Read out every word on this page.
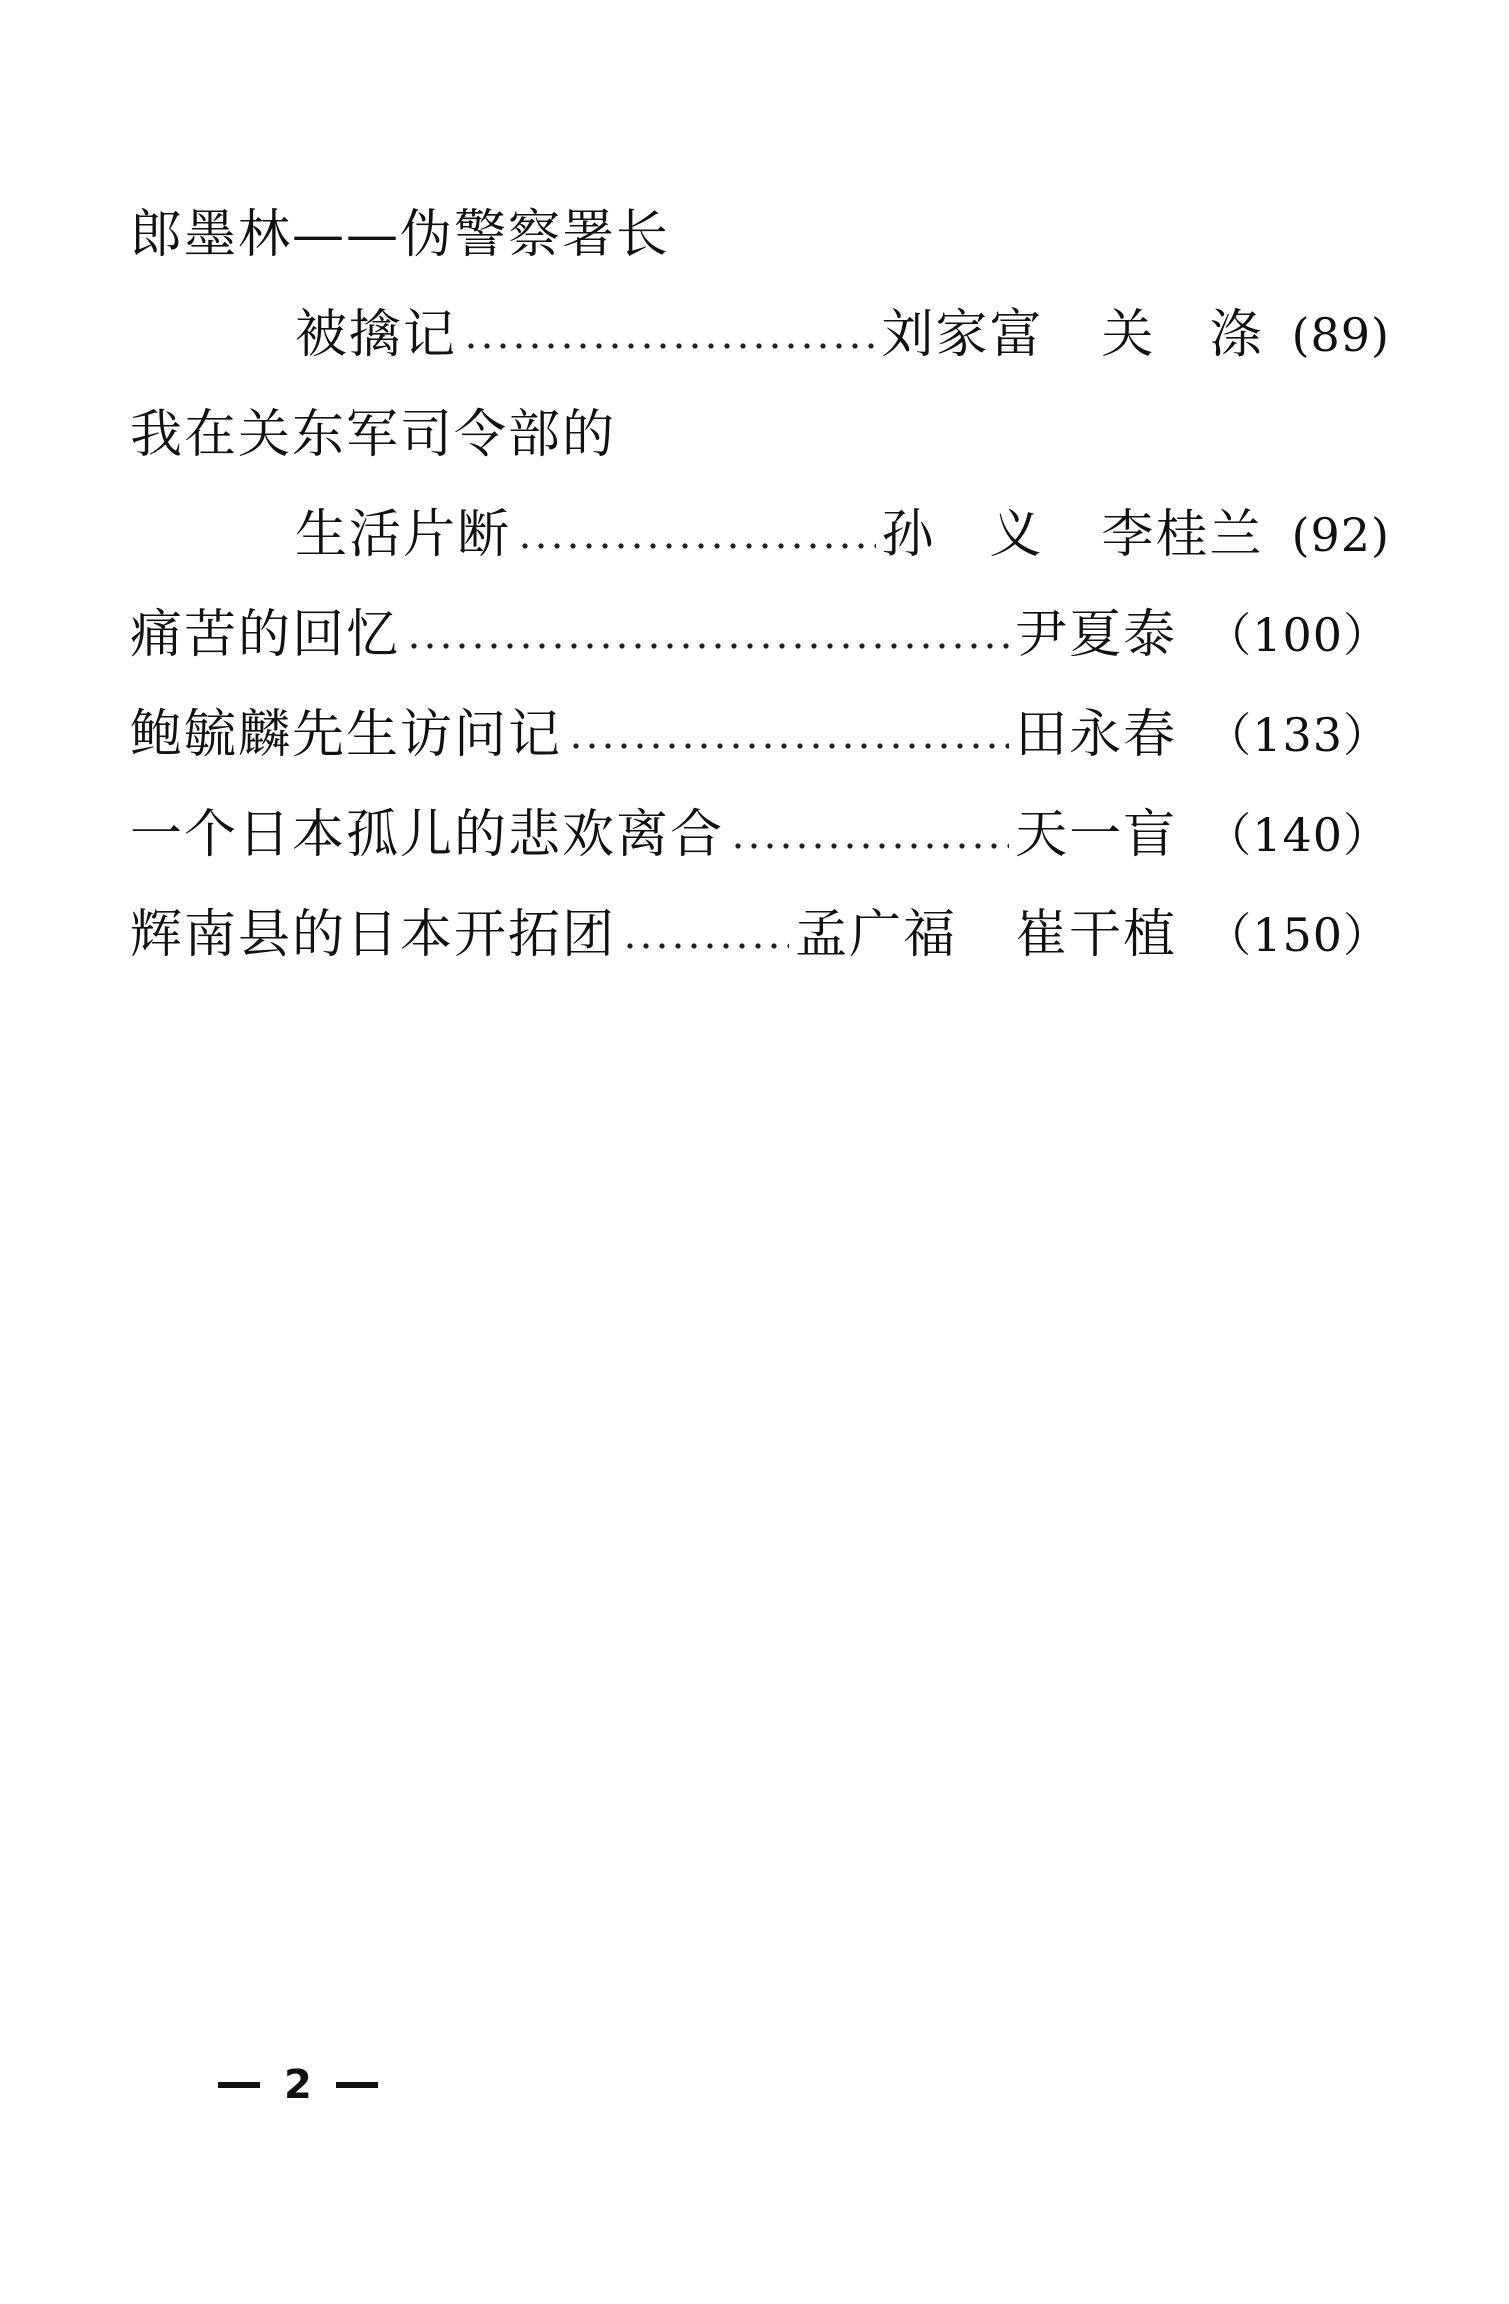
郎墨林——伪警察署长
被擒记	刘家富 关　涤 (89)
我在关东军司令部的
生活片断	孙　义 李桂兰 (92)
痛苦的回忆	尹夏泰 （100）
鲍毓麟先生访问记	田永春 （133）
一个日本孤儿的悲欢离合	天一盲 （140）
辉南县的日本开拓团	孟广福 崔干植 （150）
2
